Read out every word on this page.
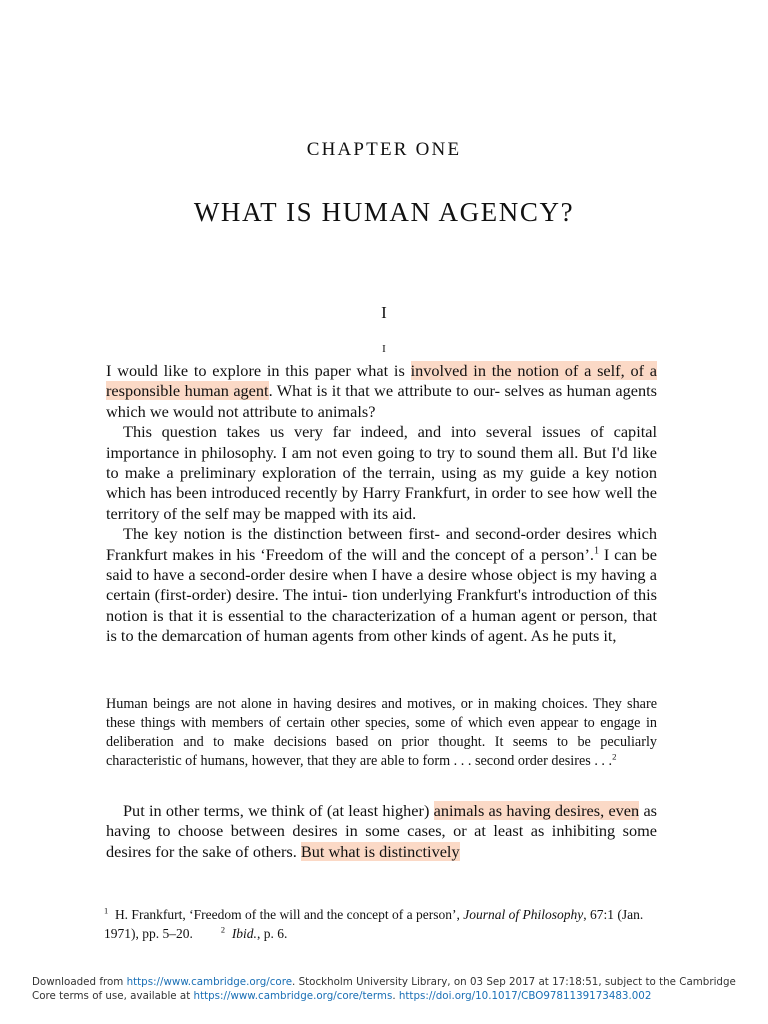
CHAPTER ONE
WHAT IS HUMAN AGENCY?
I
I

I would like to explore in this paper what is involved in the notion of a self, of a responsible human agent. What is it that we attribute to our- selves as human agents which we would not attribute to animals?

This question takes us very far indeed, and into several issues of capital importance in philosophy. I am not even going to try to sound them all. But I'd like to make a preliminary exploration of the terrain, using as my guide a key notion which has been introduced recently by Harry Frankfurt, in order to see how well the territory of the self may be mapped with its aid.

The key notion is the distinction between first- and second-order desires which Frankfurt makes in his ‘Freedom of the will and the concept of a person’.$^1$ I can be said to have a second-order desire when I have a desire whose object is my having a certain (first-order) desire. The intui- tion underlying Frankfurt's introduction of this notion is that it is essential to the characterization of a human agent or person, that is to the demarcation of human agents from other kinds of agent. As he puts it,

Human beings are not alone in having desires and motives, or in making choices. They share these things with members of certain other species, some of which even appear to engage in deliberation and to make decisions based on prior thought. It seems to be peculiarly characteristic of humans, however, that they are able to form . . . second order desires . . .$^2$

Put in other terms, we think of (at least higher) animals as having desires, even as having to choose between desires in some cases, or at least as inhibiting some desires for the sake of others. But what is distinctively

$^1$ H. Frankfurt, ‘Freedom of the will and the concept of a person’, Journal of Philosophy, 67:1 (Jan. 1971), pp. 5–20.	$^2$ Ibid., p. 6.

Downloaded from https://www.cambridge.org/core. Stockholm University Library, on 03 Sep 2017 at 17:18:51, subject to the Cambridge Core terms of use, available at https://www.cambridge.org/core/terms. https://doi.org/10.1017/CBO9781139173483.002
